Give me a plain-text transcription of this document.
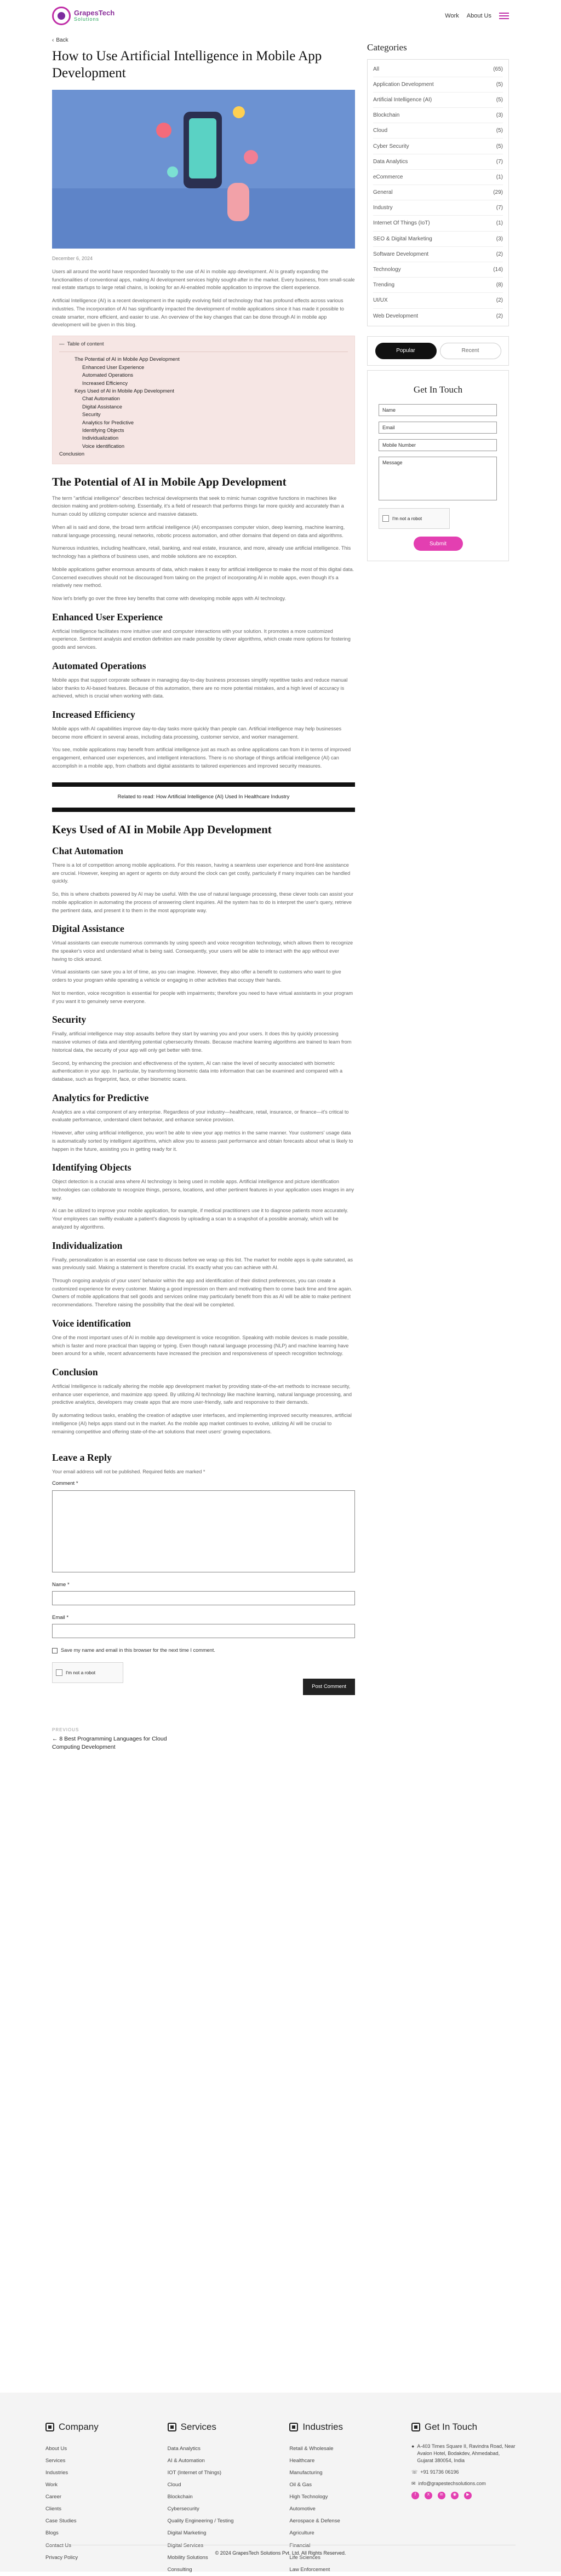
GrapesTech
Solutions
Work About Us
‹ Back
How to Use Artificial Intelligence in Mobile App Development
December 6, 2024

Users all around the world have responded favorably to the use of AI in mobile app development. AI is greatly expanding the functionalities of conventional apps, making AI development services highly sought-after in the market. Every business, from small-scale real estate startups to large retail chains, is looking for an AI-enabled mobile application to improve the client experience.

Artificial Intelligence (AI) is a recent development in the rapidly evolving field of technology that has profound effects across various industries. The incorporation of AI has significantly impacted the development of mobile applications since it has made it possible to create smarter, more efficient, and easier to use. An overview of the key changes that can be done through AI in mobile app development will be given in this blog.

— Table of content
The Potential of AI in Mobile App Development
Enhanced User Experience
Automated Operations
Increased Efficiency
Keys Used of AI in Mobile App Development
Chat Automation
Digital Assistance
Security
Analytics for Predictive
Identifying Objects
Individualization
Voice identification
Conclusion
The Potential of AI in Mobile App Development

The term "artificial intelligence" describes technical developments that seek to mimic human cognitive functions in machines like decision making and problem-solving. Essentially, it's a field of research that performs things far more quickly and accurately than a human could by utilizing computer science and massive datasets.

When all is said and done, the broad term artificial intelligence (AI) encompasses computer vision, deep learning, machine learning, natural language processing, neural networks, robotic process automation, and other domains that depend on data and algorithms.

Numerous industries, including healthcare, retail, banking, and real estate, insurance, and more, already use artificial intelligence. This technology has a plethora of business uses, and mobile solutions are no exception.

Mobile applications gather enormous amounts of data, which makes it easy for artificial intelligence to make the most of this digital data. Concerned executives should not be discouraged from taking on the project of incorporating AI in mobile apps, even though it's a relatively new method.

Now let's briefly go over the three key benefits that come with developing mobile apps with AI technology.

Enhanced User Experience

Artificial Intelligence facilitates more intuitive user and computer interactions with your solution. It promotes a more customized experience. Sentiment analysis and emotion definition are made possible by clever algorithms, which create more options for fostering goods and services.

Automated Operations

Mobile apps that support corporate software in managing day-to-day business processes simplify repetitive tasks and reduce manual labor thanks to AI-based features. Because of this automation, there are no more potential mistakes, and a high level of accuracy is achieved, which is crucial when working with data.

Increased Efficiency

Mobile apps with AI capabilities improve day-to-day tasks more quickly than people can. Artificial intelligence may help businesses become more efficient in several areas, including data processing, customer service, and worker management.

You see, mobile applications may benefit from artificial intelligence just as much as online applications can from it in terms of improved engagement, enhanced user experiences, and intelligent interactions. There is no shortage of things artificial intelligence (AI) can accomplish in a mobile app, from chatbots and digital assistants to tailored experiences and improved security measures.

Related to read: How Artificial Intelligence (AI) Used In Healthcare Industry
Keys Used of AI in Mobile App Development
Chat Automation

There is a lot of competition among mobile applications. For this reason, having a seamless user experience and front-line assistance are crucial. However, keeping an agent or agents on duty around the clock can get costly, particularly if many inquiries can be handled quickly.

So, this is where chatbots powered by AI may be useful. With the use of natural language processing, these clever tools can assist your mobile application in automating the process of answering client inquiries. All the system has to do is interpret the user's query, retrieve the pertinent data, and present it to them in the most appropriate way.

Digital Assistance

Virtual assistants can execute numerous commands by using speech and voice recognition technology, which allows them to recognize the speaker's voice and understand what is being said. Consequently, your users will be able to interact with the app without ever having to click around.

Virtual assistants can save you a lot of time, as you can imagine. However, they also offer a benefit to customers who want to give orders to your program while operating a vehicle or engaging in other activities that occupy their hands.

Not to mention, voice recognition is essential for people with impairments; therefore you need to have virtual assistants in your program if you want it to genuinely serve everyone.

Security

Finally, artificial intelligence may stop assaults before they start by warning you and your users. It does this by quickly processing massive volumes of data and identifying potential cybersecurity threats. Because machine learning algorithms are trained to learn from historical data, the security of your app will only get better with time.

Second, by enhancing the precision and effectiveness of the system, AI can raise the level of security associated with biometric authentication in your app. In particular, by transforming biometric data into information that can be examined and compared with a database, such as fingerprint, face, or other biometric scans.

Analytics for Predictive

Analytics are a vital component of any enterprise. Regardless of your industry—healthcare, retail, insurance, or finance—it's critical to evaluate performance, understand client behavior, and enhance service provision.

However, after using artificial intelligence, you won't be able to view your app metrics in the same manner. Your customers' usage data is automatically sorted by intelligent algorithms, which allow you to assess past performance and obtain forecasts about what is likely to happen in the future, assisting you in getting ready for it.

Identifying Objects

Object detection is a crucial area where AI technology is being used in mobile apps. Artificial intelligence and picture identification technologies can collaborate to recognize things, persons, locations, and other pertinent features in your application uses images in any way.

AI can be utilized to improve your mobile application, for example, if medical practitioners use it to diagnose patients more accurately. Your employees can swiftly evaluate a patient's diagnosis by uploading a scan to a snapshot of a possible anomaly, which will be analyzed by algorithms.

Individualization

Finally, personalization is an essential use case to discuss before we wrap up this list. The market for mobile apps is quite saturated, as was previously said. Making a statement is therefore crucial. It's exactly what you can achieve with AI.

Through ongoing analysis of your users' behavior within the app and identification of their distinct preferences, you can create a customized experience for every customer. Making a good impression on them and motivating them to come back time and time again. Owners of mobile applications that sell goods and services online may particularly benefit from this as AI will be able to make pertinent recommendations. Therefore raising the possibility that the deal will be completed.

Voice identification

One of the most important uses of AI in mobile app development is voice recognition. Speaking with mobile devices is made possible, which is faster and more practical than tapping or typing. Even though natural language processing (NLP) and machine learning have been around for a while, recent advancements have increased the precision and responsiveness of speech recognition technology.

Conclusion

Artificial Intelligence is radically altering the mobile app development market by providing state-of-the-art methods to increase security, enhance user experience, and maximize app speed. By utilizing AI technology like machine learning, natural language processing, and predictive analytics, developers may create apps that are more user-friendly, safe and responsive to their demands.

By automating tedious tasks, enabling the creation of adaptive user interfaces, and implementing improved security measures, artificial intelligence (AI) helps apps stand out in the market. As the mobile app market continues to evolve, utilizing AI will be crucial to remaining competitive and offering state-of-the-art solutions that meet users' growing expectations.

Leave a Reply
Your email address will not be published. Required fields are marked *
Comment *
Name *
Email *
Save my name and email in this browser for the next time I comment.
I'm not a robot
Post Comment
PREVIOUS
← 8 Best Programming Languages for Cloud Computing Development
Categories
All	(65)
Application Development	(5)
Artificial Intelligence (AI)	(5)
Blockchain	(3)
Cloud	(5)
Cyber Security	(5)
Data Analytics	(7)
eCommerce	(1)
General	(29)
Industry	(7)
Internet Of Things (IoT)	(1)
SEO & Digital Marketing	(3)
Software Development	(2)
Technology	(14)
Trending	(8)
UI/UX	(2)
Web Development	(2)
Popular	Recent
Get In Touch
Name
Email
Mobile Number
Message
I'm not a robot
Submit
Company
About Us
Services
Industries
Work
Career
Clients
Case Studies
Blogs
Contact Us
Privacy Policy
Services
Data Analytics
AI & Automation
IOT (Internet of Things)
Cloud
Blockchain
Cybersecurity
Quality Engineering / Testing
Digital Marketing
Digital Services
Mobility Solutions
Consulting
Industries
Retail & Wholesale
Healthcare
Manufacturing
Oil & Gas
High Technology
Automotive
Aerospace & Defense
Agriculture
Financial
Life Sciences
Law Enforcement
Get In Touch
● A-403 Times Square II, Ravindra Road, Near Avalon Hotel, Bodakdev, Ahmedabad, Gujarat 380054, India
☏ +91 91736 06196
✉ info@grapestechsolutions.com
f	X	in	◉	▶
© 2024 GrapesTech Solutions Pvt. Ltd. All Rights Reserved.
